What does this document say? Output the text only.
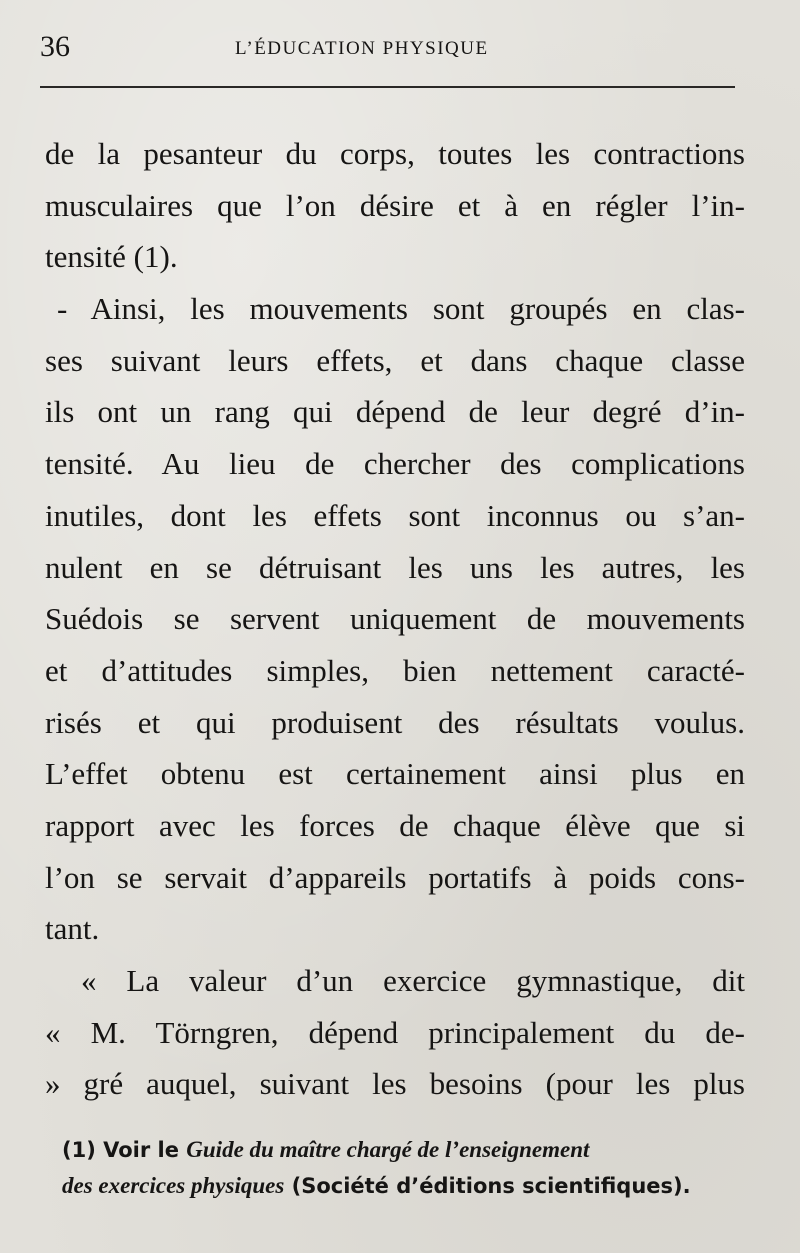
36	L’ÉDUCATION PHYSIQUE
de la pesanteur du corps, toutes les contractions
musculaires que l’on désire et à en régler l’in-
tensité (1).
- Ainsi, les mouvements sont groupés en clas-
ses suivant leurs effets, et dans chaque classe
ils ont un rang qui dépend de leur degré d’in-
tensité. Au lieu de chercher des complications
inutiles, dont les effets sont inconnus ou s’an-
nulent en se détruisant les uns les autres, les
Suédois se servent uniquement de mouvements
et d’attitudes simples, bien nettement caracté-
risés et qui produisent des résultats voulus.
L’effet obtenu est certainement ainsi plus en
rapport avec les forces de chaque élève que si
l’on se servait d’appareils portatifs à poids cons-
tant.
« La valeur d’un exercice gymnastique, dit
« M. Törngren, dépend principalement du de-
» gré auquel, suivant les besoins (pour les plus
(1) Voir le Guide du maître chargé de l’enseignement
des exercices physiques (Société d’éditions scientifiques).
